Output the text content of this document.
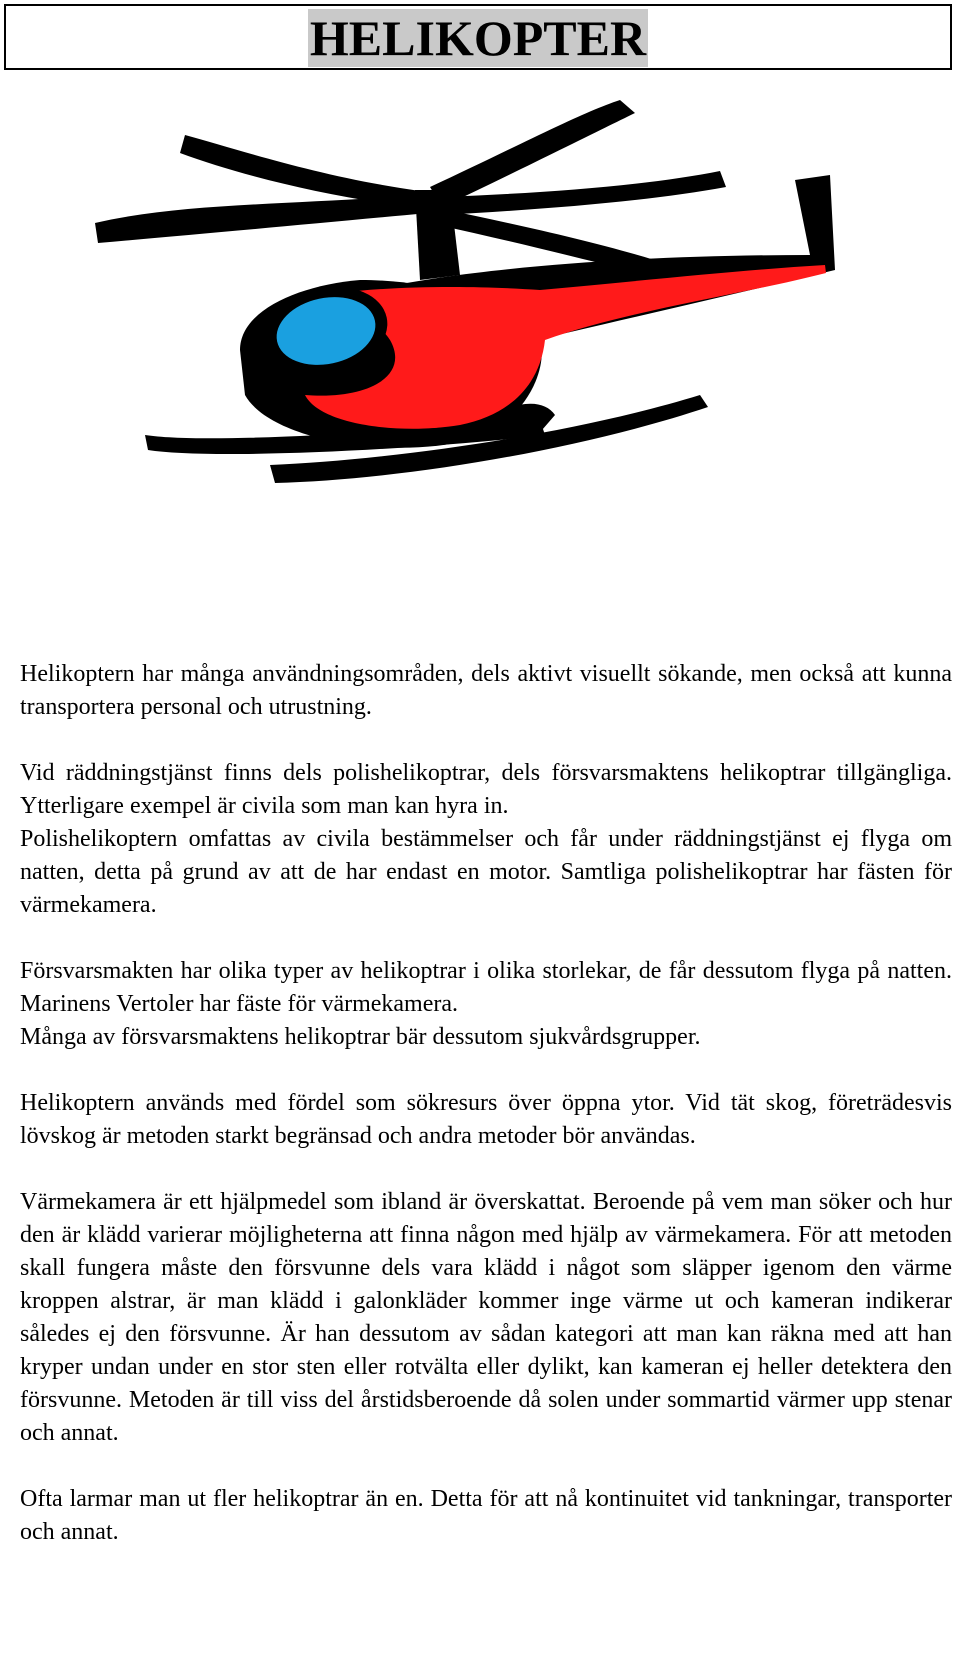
HELIKOPTER

Helikoptern har många användningsområden, dels aktivt visuellt sökande, men också att kunna transportera personal och utrustning.

Vid räddningstjänst finns dels polishelikoptrar, dels försvarsmaktens helikoptrar tillgängliga. Ytterligare exempel är civila som man kan hyra in.

Polishelikoptern omfattas av civila bestämmelser och får under räddningstjänst ej flyga om natten, detta på grund av att de har endast en motor. Samtliga polishelikoptrar har fästen för värmekamera.

Försvarsmakten har olika typer av helikoptrar i olika storlekar, de får dessutom flyga på natten. Marinens Vertoler har fäste för värmekamera.

Många av försvarsmaktens helikoptrar bär dessutom sjukvårdsgrupper.

Helikoptern används med fördel som sökresurs över öppna ytor. Vid tät skog, företrädesvis lövskog är metoden starkt begränsad och andra metoder bör användas.

Värmekamera är ett hjälpmedel som ibland är överskattat. Beroende på vem man söker och hur den är klädd varierar möjligheterna att finna någon med hjälp av värmekamera. För att metoden skall fungera måste den försvunne dels vara klädd i något som släpper igenom den värme kroppen alstrar, är man klädd i galonkläder kommer inge värme ut och kameran indikerar således ej den försvunne. Är han dessutom av sådan kategori att man kan räkna med att han kryper undan under en stor sten eller rotvälta eller dylikt, kan kameran ej heller detektera den försvunne. Metoden är till viss del årstidsberoende då solen under sommartid värmer upp stenar och annat.

Ofta larmar man ut fler helikoptrar än en. Detta för att nå kontinuitet vid tankningar, transporter och annat.
